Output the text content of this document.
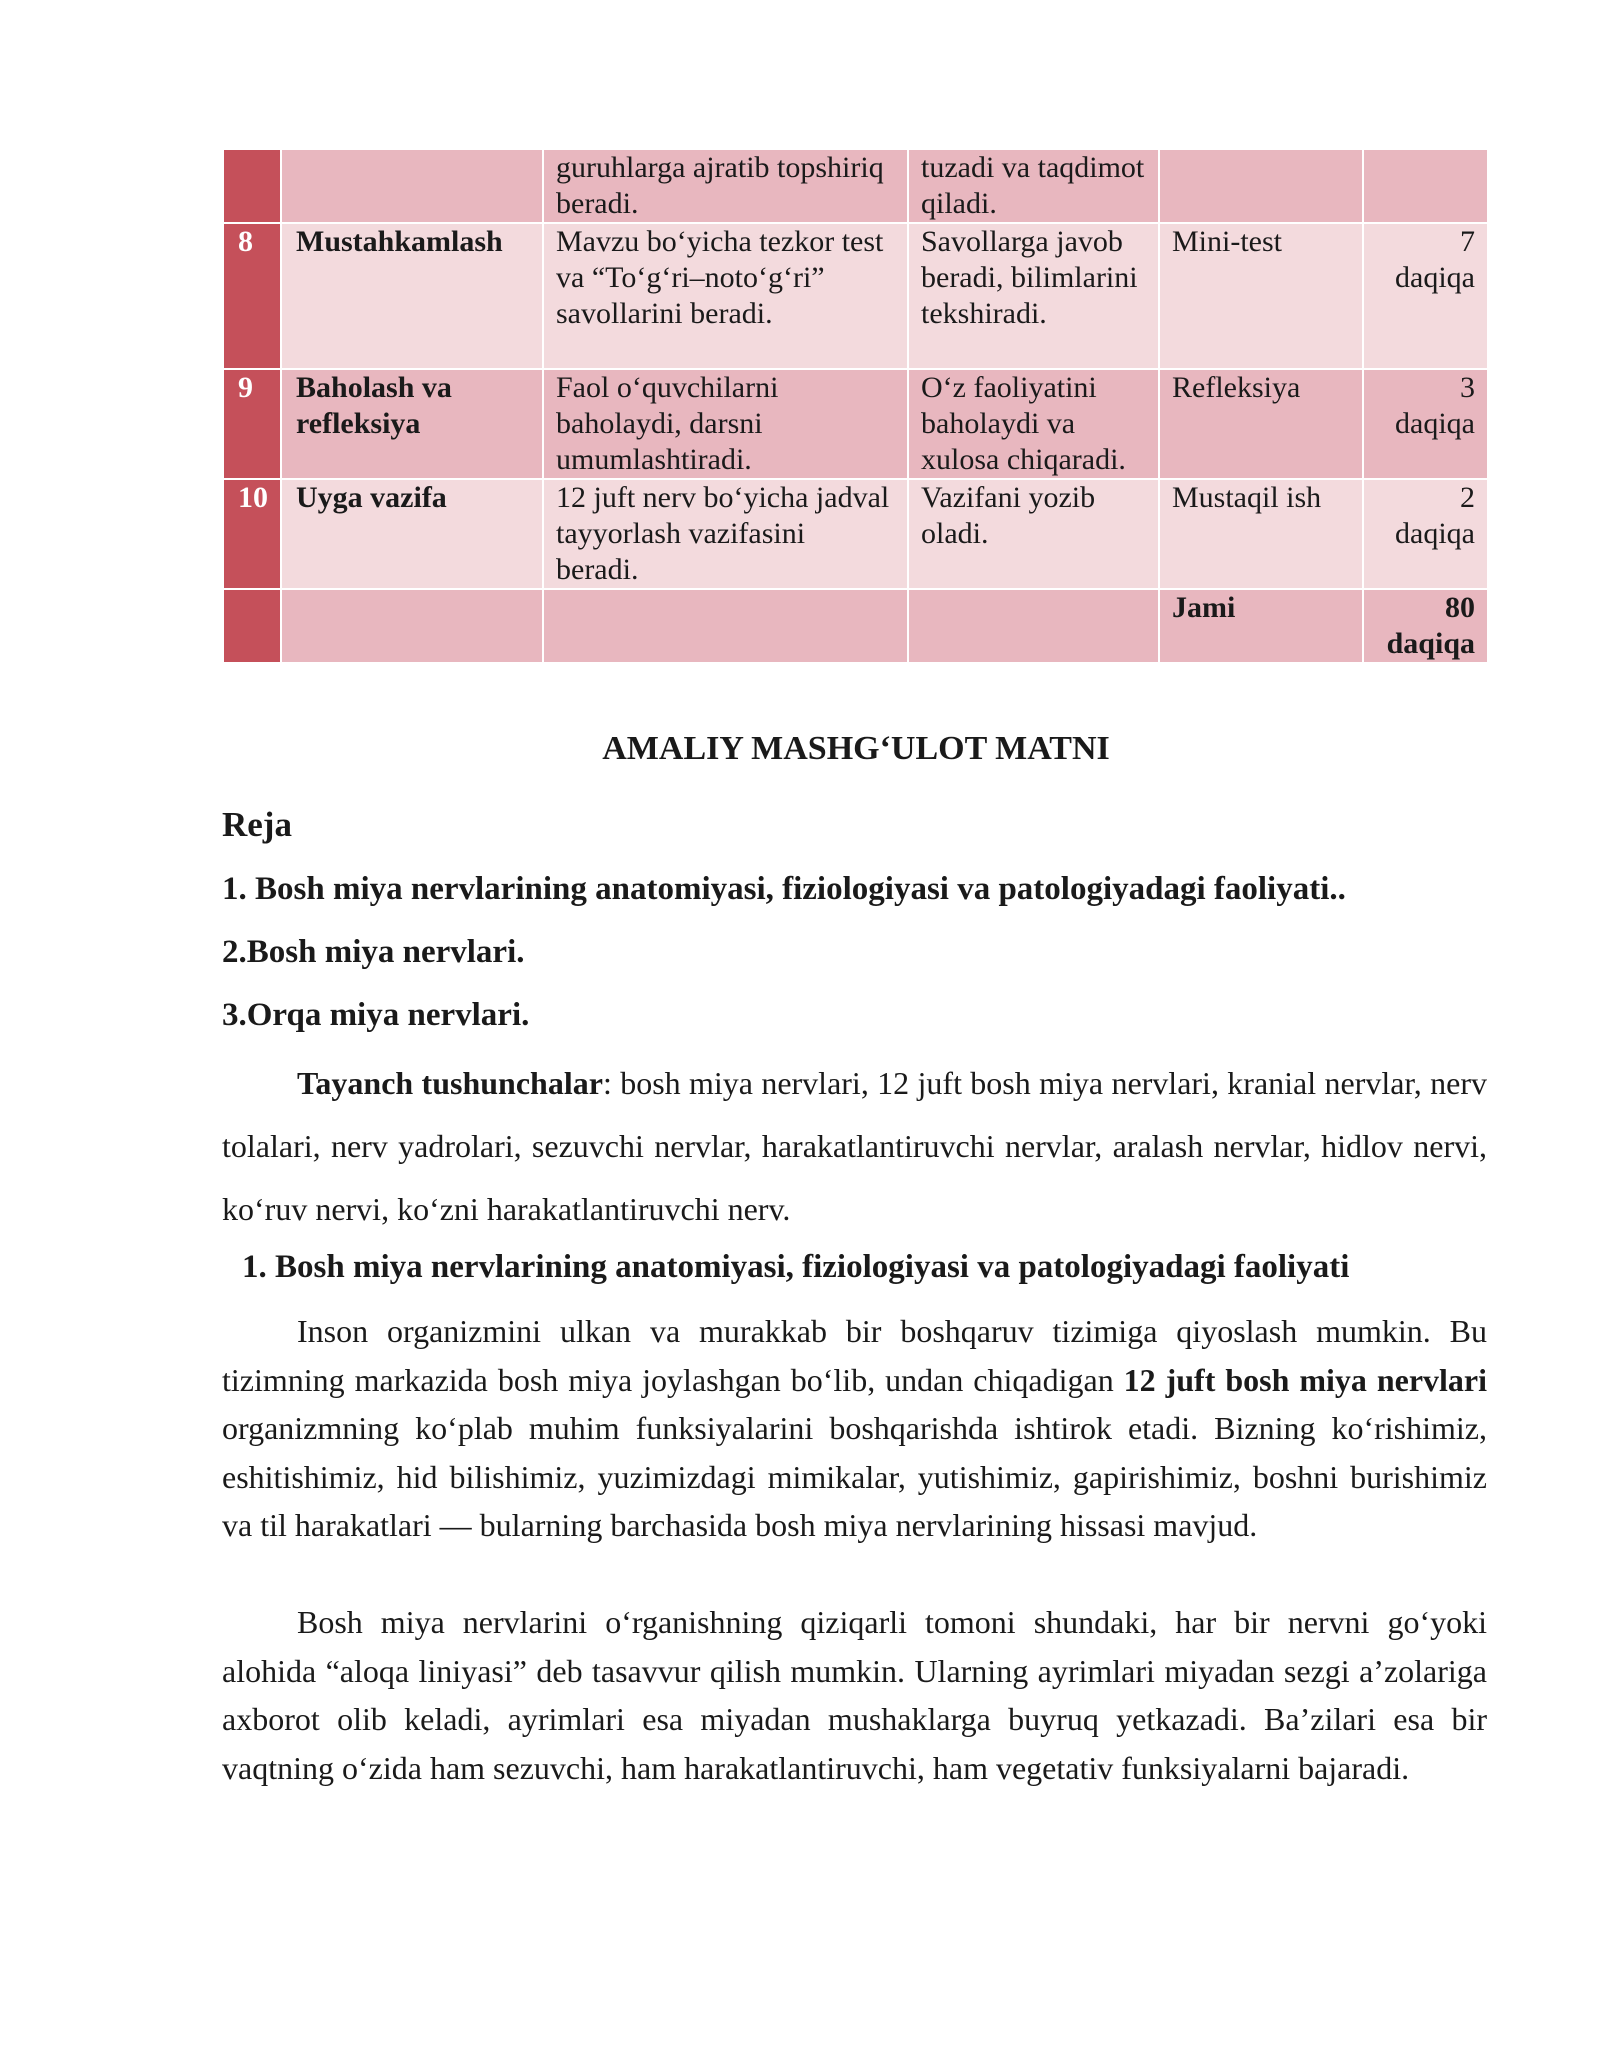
		guruhlarga ajratib topshiriq beradi.	tuzadi va taqdimot qiladi.		
8	Mustahkamlash	Mavzu bo‘yicha tezkor test va “To‘g‘ri–noto‘g‘ri” savollarini beradi.	Savollarga javob beradi, bilimlarini tekshiradi.	Mini-test	7 daqiqa
9	Baholash va refleksiya	Faol o‘quvchilarni baholaydi, darsni umumlashtiradi.	O‘z faoliyatini baholaydi va xulosa chiqaradi.	Refleksiya	3 daqiqa
10	Uyga vazifa	12 juft nerv bo‘yicha jadval tayyorlash vazifasini beradi.	Vazifani yozib oladi.	Mustaqil ish	2 daqiqa
				Jami	80 daqiqa
AMALIY MASHG‘ULOT MATNI
Reja
1. Bosh miya nervlarining anatomiyasi, fiziologiyasi va patologiyadagi faoliyati..
2.Bosh miya nervlari.
3.Orqa miya nervlari.
Tayanch tushunchalar: bosh miya nervlari, 12 juft bosh miya nervlari, kranial nervlar, nerv tolalari, nerv yadrolari, sezuvchi nervlar, harakatlantiruvchi nervlar, aralash nervlar, hidlov nervi, ko‘ruv nervi, ko‘zni harakatlantiruvchi nerv.
1. Bosh miya nervlarining anatomiyasi, fiziologiyasi va patologiyadagi faoliyati
Inson organizmini ulkan va murakkab bir boshqaruv tizimiga qiyoslash mumkin. Bu tizimning markazida bosh miya joylashgan bo‘lib, undan chiqadigan 12 juft bosh miya nervlari organizmning ko‘plab muhim funksiyalarini boshqarishda ishtirok etadi. Bizning ko‘rishimiz, eshitishimiz, hid bilishimiz, yuzimizdagi mimikalar, yutishimiz, gapirishimiz, boshni burishimiz va til harakatlari — bularning barchasida bosh miya nervlarining hissasi mavjud.
Bosh miya nervlarini o‘rganishning qiziqarli tomoni shundaki, har bir nervni go‘yoki alohida “aloqa liniyasi” deb tasavvur qilish mumkin. Ularning ayrimlari miyadan sezgi a’zolariga axborot olib keladi, ayrimlari esa miyadan mushaklarga buyruq yetkazadi. Ba’zilari esa bir vaqtning o‘zida ham sezuvchi, ham harakatlantiruvchi, ham vegetativ funksiyalarni bajaradi.
